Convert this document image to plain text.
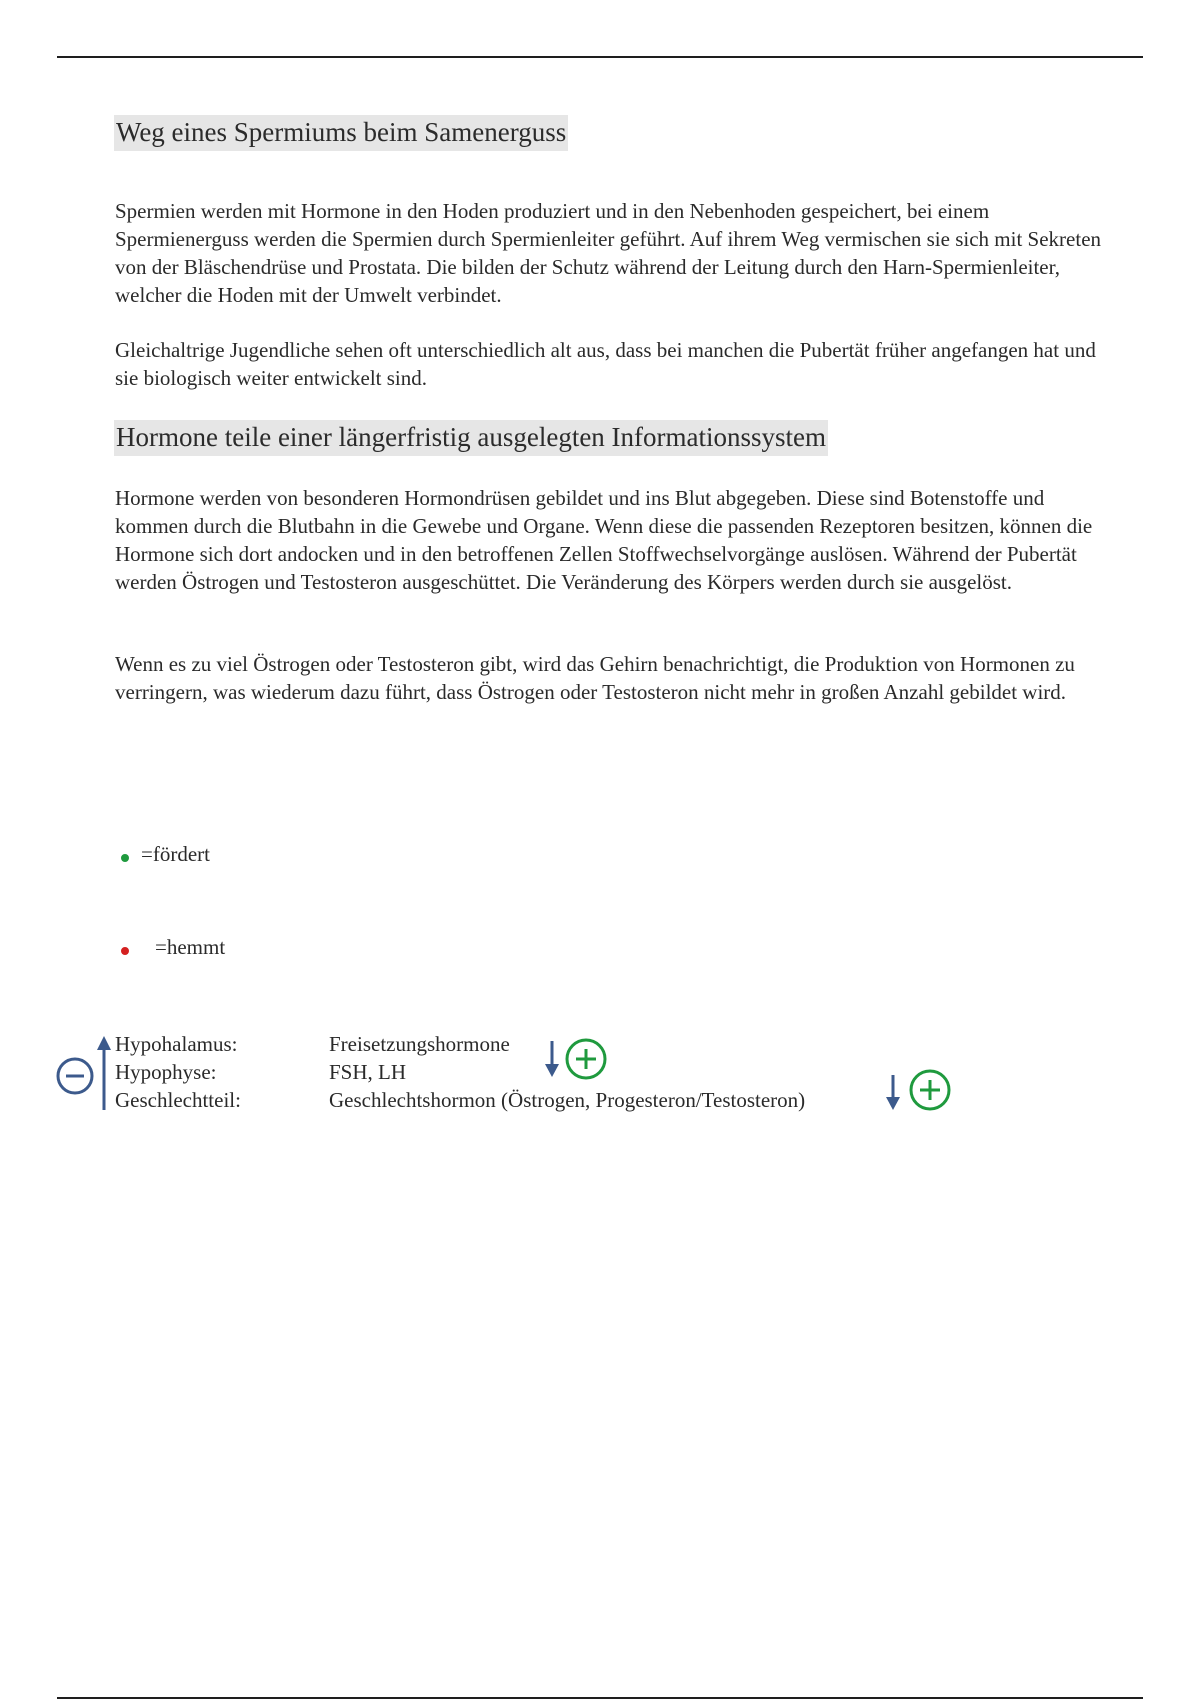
Weg eines Spermiums beim Samenerguss

Spermien werden mit Hormone in den Hoden produziert und in den Nebenhoden gespeichert, bei einem Spermienerguss werden die Spermien durch Spermienleiter geführt. Auf ihrem Weg vermischen sie sich mit Sekreten von der Bläschendrüse und Prostata. Die bilden der Schutz während der Leitung durch den Harn-Spermienleiter, welcher die Hoden mit der Umwelt verbindet.

Gleichaltrige Jugendliche sehen oft unterschiedlich alt aus, dass bei manchen die Pubertät früher angefangen hat und sie biologisch weiter entwickelt sind.

Hormone teile einer längerfristig ausgelegten Informationssystem

Hormone werden von besonderen Hormondrüsen gebildet und ins Blut abgegeben. Diese sind Botenstoffe und kommen durch die Blutbahn in die Gewebe und Organe. Wenn diese die passenden Rezeptoren besitzen, können die Hormone sich dort andocken und in den betroffenen Zellen Stoffwechselvorgänge auslösen. Während der Pubertät werden Östrogen und Testosteron ausgeschüttet. Die Veränderung des Körpers werden durch sie ausgelöst.

Wenn es zu viel Östrogen oder Testosteron gibt, wird das Gehirn benachrichtigt, die Produktion von Hormonen zu verringern, was wiederum dazu führt, dass Östrogen oder Testosteron nicht mehr in großen Anzahl gebildet wird.

=fördert
=hemmt
Hypohalamus:	Freisetzungshormone
Hypophyse:	FSH, LH
Geschlechtteil:	Geschlechtshormon (Östrogen, Progesteron/Testosteron)
